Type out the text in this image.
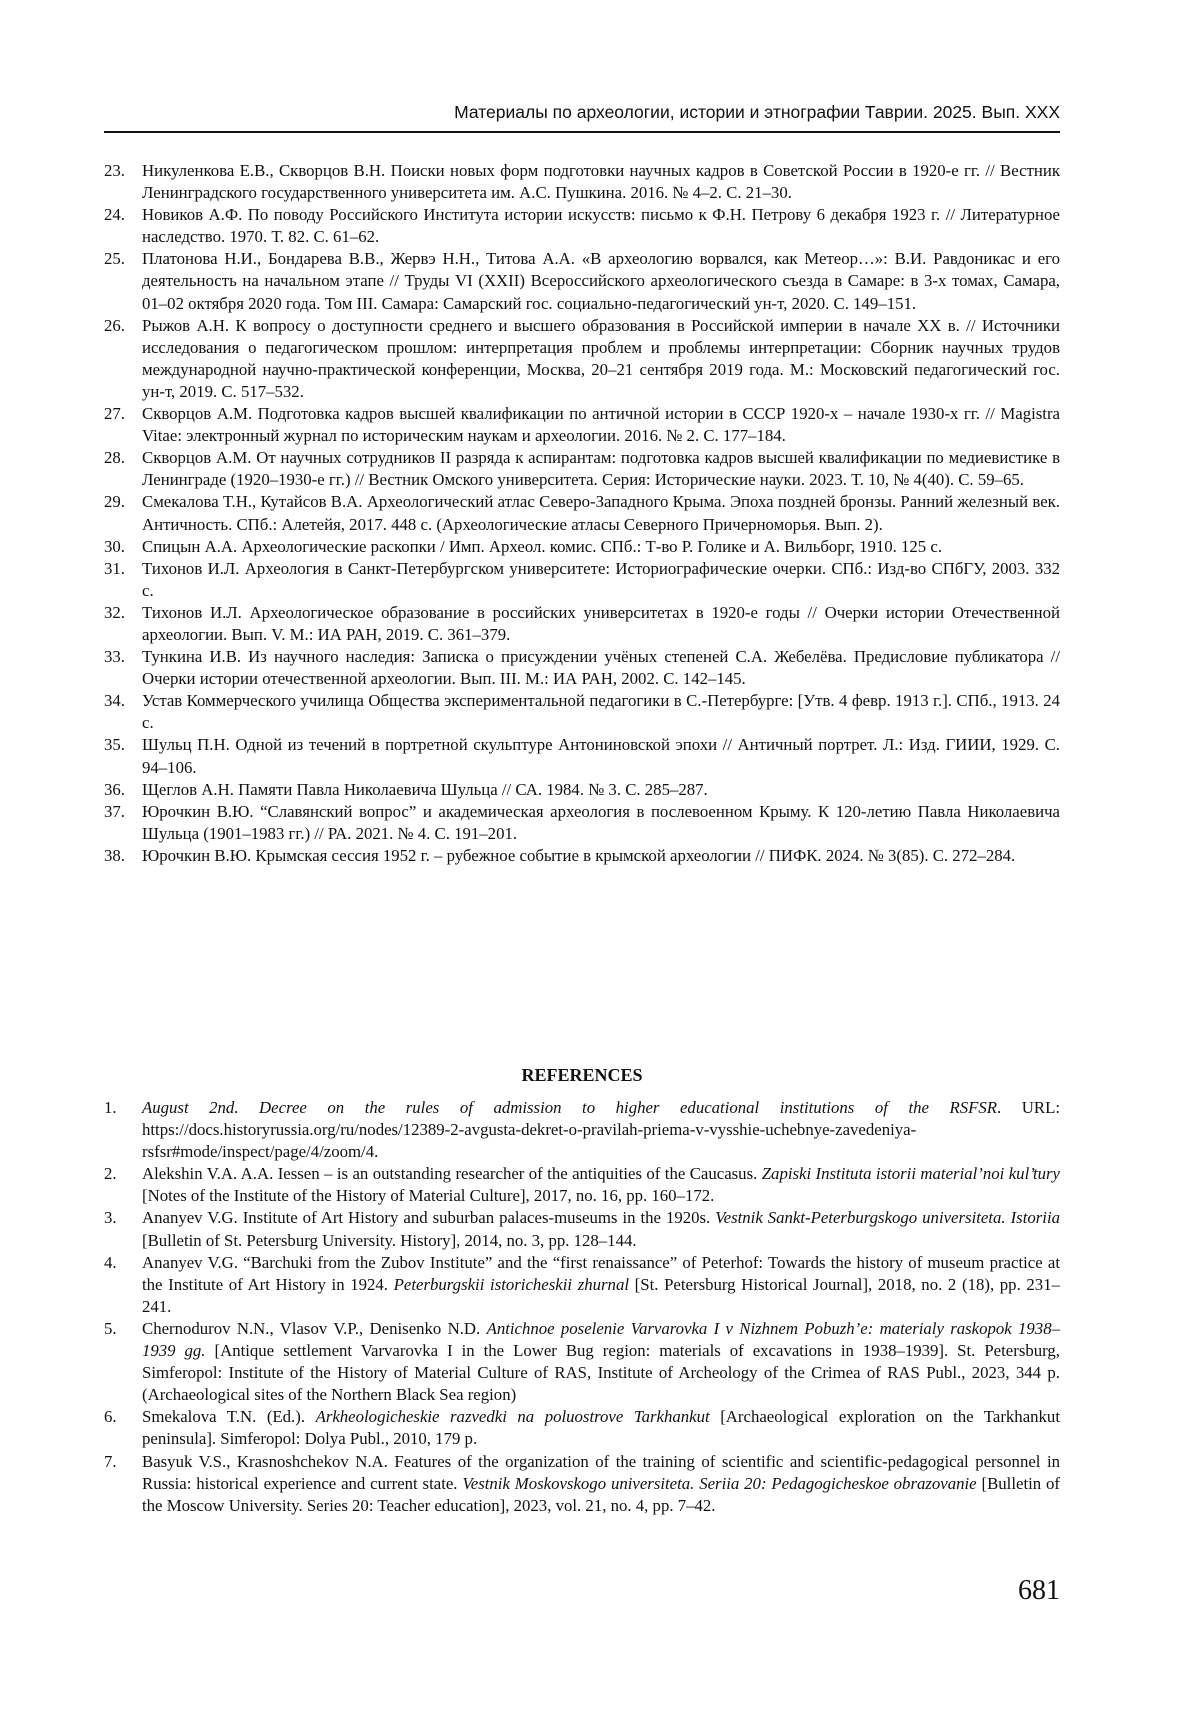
Материалы по археологии, истории и этнографии Таврии. 2025. Вып. XXX
23.	Никуленкова Е.В., Скворцов В.Н. Поиски новых форм подготовки научных кадров в Советской России в 1920-е гг. // Вестник Ленинградского государственного университета им. А.С. Пушкина. 2016. № 4–2. С. 21–30.
24.	Новиков А.Ф. По поводу Российского Института истории искусств: письмо к Ф.Н. Петрову 6 декабря 1923 г. // Литературное наследство. 1970. Т. 82. С. 61–62.
25.	Платонова Н.И., Бондарева В.В., Жервэ Н.Н., Титова А.А. «В археологию ворвался, как Метеор…»: В.И. Равдоникас и его деятельность на начальном этапе // Труды VI (XXII) Всероссийского археологического съезда в Самаре: в 3-х томах, Самара, 01–02 октября 2020 года. Том III. Самара: Самарский гос. социально-педагогический ун-т, 2020. С. 149–151.
26.	Рыжов А.Н. К вопросу о доступности среднего и высшего образования в Российской империи в начале XX в. // Источники исследования о педагогическом прошлом: интерпретация проблем и проблемы интерпретации: Сборник научных трудов международной научно-практической конференции, Москва, 20–21 сентября 2019 года. М.: Московский педагогический гос. ун-т, 2019. С. 517–532.
27.	Скворцов А.М. Подготовка кадров высшей квалификации по античной истории в СССР 1920-х – начале 1930-х гг. // Magistra Vitae: электронный журнал по историческим наукам и археологии. 2016. № 2. С. 177–184.
28.	Скворцов А.М. От научных сотрудников II разряда к аспирантам: подготовка кадров высшей квалификации по медиевистике в Ленинграде (1920–1930-е гг.) // Вестник Омского университета. Серия: Исторические науки. 2023. Т. 10, № 4(40). С. 59–65.
29.	Смекалова Т.Н., Кутайсов В.А. Археологический атлас Северо-Западного Крыма. Эпоха поздней бронзы. Ранний железный век. Античность. СПб.: Алетейя, 2017. 448 с. (Археологические атласы Северного Причерноморья. Вып. 2).
30.	Спицын А.А. Археологические раскопки / Имп. Археол. комис. СПб.: Т-во Р. Голике и А. Вильборг, 1910. 125 с.
31.	Тихонов И.Л. Археология в Санкт-Петербургском университете: Историографические очерки. СПб.: Изд-во СПбГУ, 2003. 332 с.
32.	Тихонов И.Л. Археологическое образование в российских университетах в 1920-е годы // Очерки истории Отечественной археологии. Вып. V. М.: ИА РАН, 2019. С. 361–379.
33.	Тункина И.В. Из научного наследия: Записка о присуждении учёных степеней С.А. Жебелёва. Предисловие публикатора // Очерки истории отечественной археологии. Вып. III. М.: ИА РАН, 2002. С. 142–145.
34.	Устав Коммерческого училища Общества экспериментальной педагогики в С.-Петербурге: [Утв. 4 февр. 1913 г.]. СПб., 1913. 24 с.
35.	Шульц П.Н. Одной из течений в портретной скульптуре Антониновской эпохи // Античный портрет. Л.: Изд. ГИИИ, 1929. С. 94–106.
36.	Щеглов А.Н. Памяти Павла Николаевича Шульца // СА. 1984. № 3. С. 285–287.
37.	Юрочкин В.Ю. “Славянский вопрос” и академическая археология в послевоенном Крыму. К 120-летию Павла Николаевича Шульца (1901–1983 гг.) // РА. 2021. № 4. С. 191–201.
38.	Юрочкин В.Ю. Крымская сессия 1952 г. – рубежное событие в крымской археологии // ПИФК. 2024. № 3(85). С. 272–284.
REFERENCES
1.	August 2nd. Decree on the rules of admission to higher educational institutions of the RSFSR. URL: https://docs.historyrussia.org/ru/nodes/12389-2-avgusta-dekret-o-pravilah-priema-v-vysshie-uchebnye-zavedeniya-rsfsr#mode/inspect/page/4/zoom/4.
2.	Alekshin V.A. A.A. Iessen – is an outstanding researcher of the antiquities of the Caucasus. Zapiski Instituta istorii material’noi kul’tury [Notes of the Institute of the History of Material Culture], 2017, no. 16, pp. 160–172.
3.	Ananyev V.G. Institute of Art History and suburban palaces-museums in the 1920s. Vestnik Sankt-Peterburgskogo universiteta. Istoriia [Bulletin of St. Petersburg University. History], 2014, no. 3, pp. 128–144.
4.	Ananyev V.G. “Barchuki from the Zubov Institute” and the “first renaissance” of Peterhof: Towards the history of museum practice at the Institute of Art History in 1924. Peterburgskii istoricheskii zhurnal [St. Petersburg Historical Journal], 2018, no. 2 (18), pp. 231–241.
5.	Chernodurov N.N., Vlasov V.P., Denisenko N.D. Antichnoe poselenie Varvarovka I v Nizhnem Pobuzh’e: materialy raskopok 1938–1939 gg. [Antique settlement Varvarovka I in the Lower Bug region: materials of excavations in 1938–1939]. St. Petersburg, Simferopol: Institute of the History of Material Culture of RAS, Institute of Archeology of the Crimea of RAS Publ., 2023, 344 p. (Archaeological sites of the Northern Black Sea region)
6.	Smekalova T.N. (Ed.). Arkheologicheskie razvedki na poluostrove Tarkhankut [Archaeological exploration on the Tarkhankut peninsula]. Simferopol: Dolya Publ., 2010, 179 p.
7.	Basyuk V.S., Krasnoshchekov N.A. Features of the organization of the training of scientific and scientific-pedagogical personnel in Russia: historical experience and current state. Vestnik Moskovskogo universiteta. Seriia 20: Pedagogicheskoe obrazovanie [Bulletin of the Moscow University. Series 20: Teacher education], 2023, vol. 21, no. 4, pp. 7–42.
681
